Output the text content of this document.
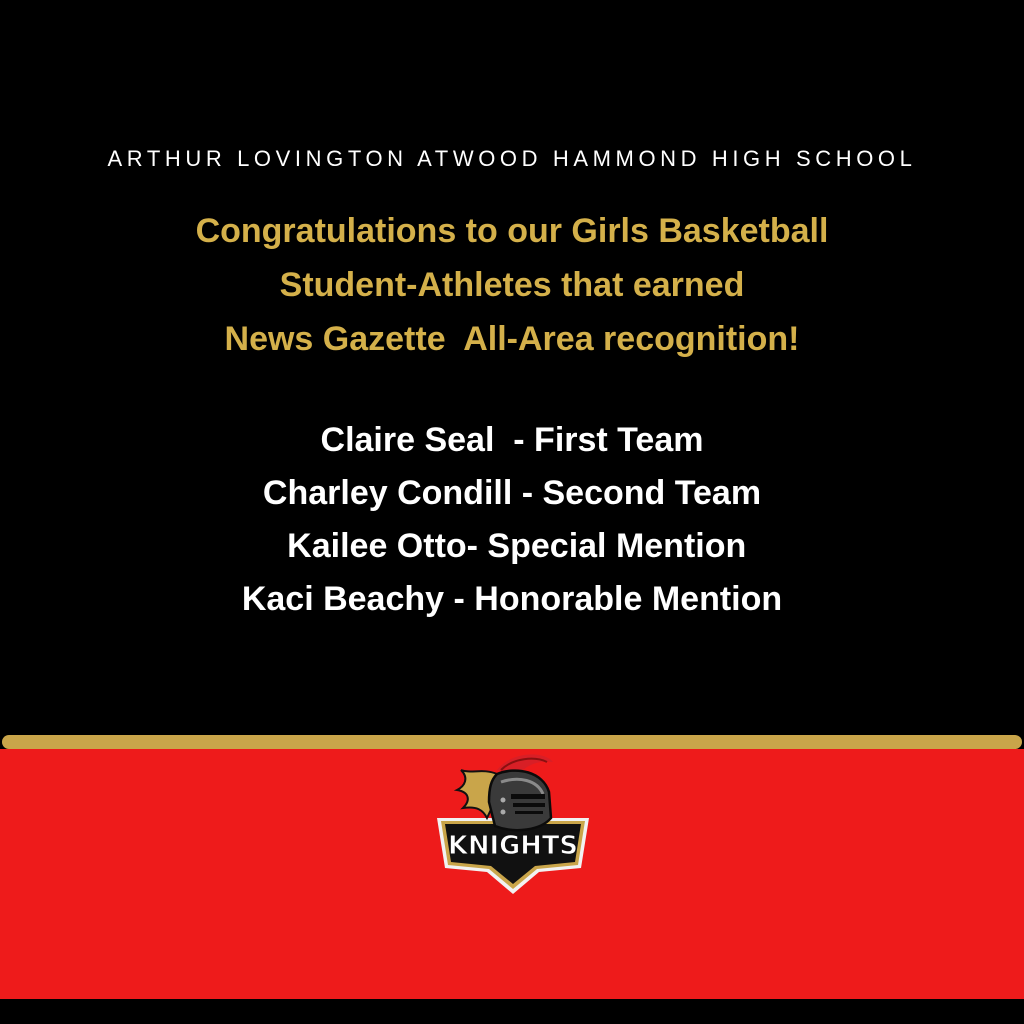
ARTHUR LOVINGTON ATWOOD HAMMOND HIGH SCHOOL
Congratulations to our Girls Basketball
Student-Athletes that earned
News Gazette  All-Area recognition!
Claire Seal  - First Team
Charley Condill - Second Team
Kailee Otto- Special Mention
Kaci Beachy - Honorable Mention
KNIGHTS
